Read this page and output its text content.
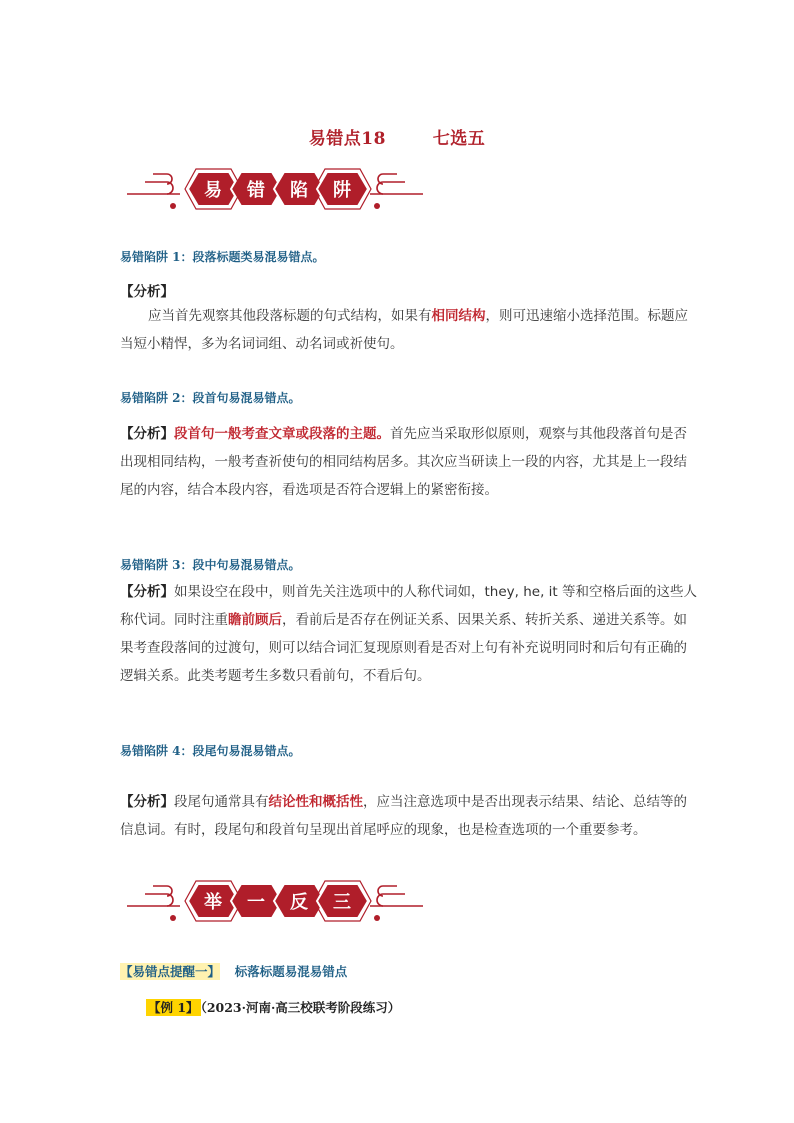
易错点18	七选五
易 错 陷 阱
易错陷阱 1：段落标题类易混易错点。
【分析】
应当首先观察其他段落标题的句式结构，如果有相同结构，则可迅速缩小选择范围。标题应当短小精悍，多为名词词组、动名词或祈使句。
易错陷阱 2：段首句易混易错点。
【分析】段首句一般考查文章或段落的主题。首先应当采取形似原则，观察与其他段落首句是否出现相同结构，一般考查祈使句的相同结构居多。其次应当研读上一段的内容，尤其是上一段结尾的内容，结合本段内容，看选项是否符合逻辑上的紧密衔接。
易错陷阱 3：段中句易混易错点。
【分析】如果设空在段中，则首先关注选项中的人称代词如，they, he, it 等和空格后面的这些人称代词。同时注重瞻前顾后，看前后是否存在例证关系、因果关系、转折关系、递进关系等。如果考查段落间的过渡句，则可以结合词汇复现原则看是否对上句有补充说明同时和后句有正确的逻辑关系。此类考题考生多数只看前句，不看后句。
易错陷阱 4：段尾句易混易错点。
【分析】段尾句通常具有结论性和概括性，应当注意选项中是否出现表示结果、结论、总结等的信息词。有时，段尾句和段首句呈现出首尾呼应的现象，也是检查选项的一个重要参考。
举 一 反 三
【易错点提醒一】 标落标题易混易错点
【例 1】 （2023·河南·高三校联考阶段练习）
